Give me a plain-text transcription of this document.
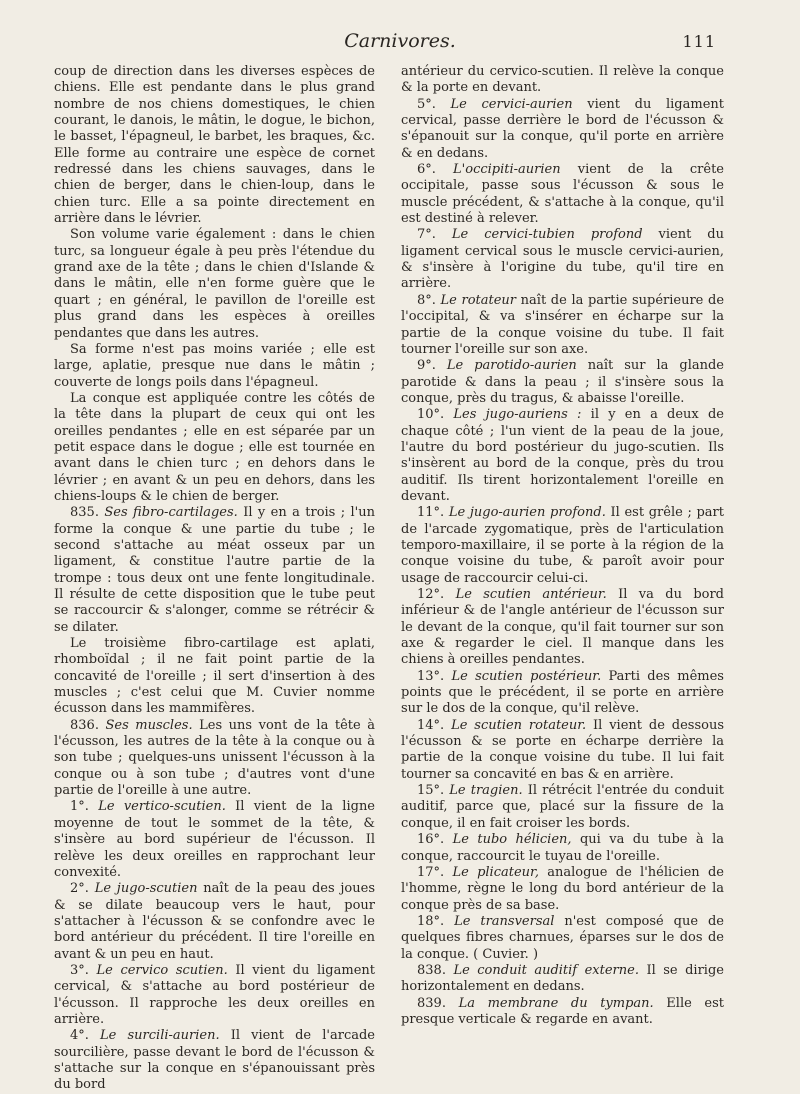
Carnivores.	111

coup de direction dans les diverses espèces de chiens. Elle est pendante dans le plus grand nombre de nos chiens domestiques, le chien courant, le danois, le mâtin, le dogue, le bichon, le basset, l'épagneul, le barbet, les braques, &c. Elle forme au contraire une espèce de cornet redressé dans les chiens sauvages, dans le chien de berger, dans le chien-loup, dans le chien turc. Elle a sa pointe directement en arrière dans le lévrier.

Son volume varie également : dans le chien turc, sa longueur égale à peu près l'étendue du grand axe de la tête ; dans le chien d'Islande & dans le mâtin, elle n'en forme guère que le quart ; en général, le pavillon de l'oreille est plus grand dans les espèces à oreilles pendantes que dans les autres.

Sa forme n'est pas moins variée ; elle est large, aplatie, presque nue dans le mâtin ; couverte de longs poils dans l'épagneul.

La conque est appliquée contre les côtés de la tête dans la plupart de ceux qui ont les oreilles pendantes ; elle en est séparée par un petit espace dans le dogue ; elle est tournée en avant dans le chien turc ; en dehors dans le lévrier ; en avant & un peu en dehors, dans les chiens-loups & le chien de berger.

835. Ses fibro-cartilages. Il y en a trois ; l'un forme la conque & une partie du tube ; le second s'attache au méat osseux par un ligament, & constitue l'autre partie de la trompe : tous deux ont une fente longitudinale. Il résulte de cette disposition que le tube peut se raccourcir & s'alonger, comme se rétrécir & se dilater.

Le troisième fibro-cartilage est aplati, rhomboïdal ; il ne fait point partie de la concavité de l'oreille ; il sert d'insertion à des muscles ; c'est celui que M. Cuvier nomme écusson dans les mammifères.

836. Ses muscles. Les uns vont de la tête à l'écusson, les autres de la tête à la conque ou à son tube ; quelques-uns unissent l'écusson à la conque ou à son tube ; d'autres vont d'une partie de l'oreille à une autre.

1°. Le vertico-scutien. Il vient de la ligne moyenne de tout le sommet de la tête, & s'insère au bord supérieur de l'écusson. Il relève les deux oreilles en rapprochant leur convexité.

2°. Le jugo-scutien naît de la peau des joues & se dilate beaucoup vers le haut, pour s'attacher à l'écusson & se confondre avec le bord antérieur du précédent. Il tire l'oreille en avant & un peu en haut.

3°. Le cervico scutien. Il vient du ligament cervical, & s'attache au bord postérieur de l'écusson. Il rapproche les deux oreilles en arrière.

4°. Le surcili-aurien. Il vient de l'arcade sourcilière, passe devant le bord de l'écusson & s'attache sur la conque en s'épanouissant près du bord

antérieur du cervico-scutien. Il relève la conque & la porte en devant.

5°. Le cervici-aurien vient du ligament cervical, passe derrière le bord de l'écusson & s'épanouit sur la conque, qu'il porte en arrière & en dedans.

6°. L'occipiti-aurien vient de la crête occipitale, passe sous l'écusson & sous le muscle précédent, & s'attache à la conque, qu'il est destiné à relever.

7°. Le cervici-tubien profond vient du ligament cervical sous le muscle cervici-aurien, & s'insère à l'origine du tube, qu'il tire en arrière.

8°. Le rotateur naît de la partie supérieure de l'occipital, & va s'insérer en écharpe sur la partie de la conque voisine du tube. Il fait tourner l'oreille sur son axe.

9°. Le parotido-aurien naît sur la glande parotide & dans la peau ; il s'insère sous la conque, près du tragus, & abaisse l'oreille.

10°. Les jugo-auriens : il y en a deux de chaque côté ; l'un vient de la peau de la joue, l'autre du bord postérieur du jugo-scutien. Ils s'insèrent au bord de la conque, près du trou auditif. Ils tirent horizontalement l'oreille en devant.

11°. Le jugo-aurien profond. Il est grêle ; part de l'arcade zygomatique, près de l'articulation temporo-maxillaire, il se porte à la région de la conque voisine du tube, & paroît avoir pour usage de raccourcir celui-ci.

12°. Le scutien antérieur. Il va du bord inférieur & de l'angle antérieur de l'écusson sur le devant de la conque, qu'il fait tourner sur son axe & regarder le ciel. Il manque dans les chiens à oreilles pendantes.

13°. Le scutien postérieur. Parti des mêmes points que le précédent, il se porte en arrière sur le dos de la conque, qu'il relève.

14°. Le scutien rotateur. Il vient de dessous l'écusson & se porte en écharpe derrière la partie de la conque voisine du tube. Il lui fait tourner sa concavité en bas & en arrière.

15°. Le tragien. Il rétrécit l'entrée du conduit auditif, parce que, placé sur la fissure de la conque, il en fait croiser les bords.

16°. Le tubo hélicien, qui va du tube à la conque, raccourcit le tuyau de l'oreille.

17°. Le plicateur, analogue de l'hélicien de l'homme, règne le long du bord antérieur de la conque près de sa base.

18°. Le transversal n'est composé que de quelques fibres charnues, éparses sur le dos de la conque. ( Cuvier. )

838. Le conduit auditif externe. Il se dirige horizontalement en dedans.

839. La membrane du tympan. Elle est presque verticale & regarde en avant.
